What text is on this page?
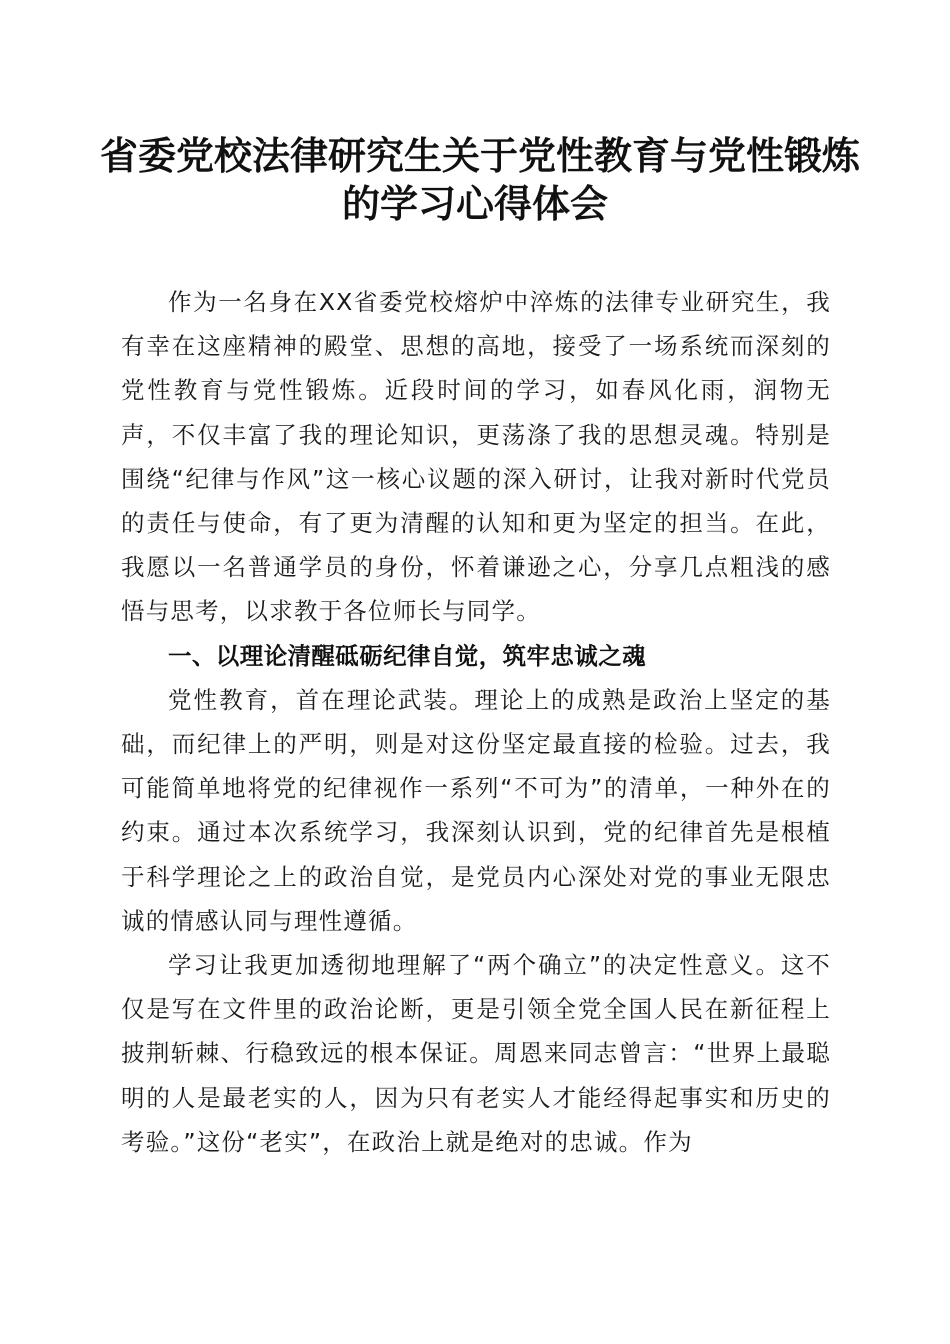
省委党校法律研究生关于党性教育与党性锻炼
的学习心得体会

作为一名身在XX省委党校熔炉中淬炼的法律专业研究生，我有幸在这座精神的殿堂、思想的高地，接受了一场系统而深刻的党性教育与党性锻炼。近段时间的学习，如春风化雨，润物无声，不仅丰富了我的理论知识，更荡涤了我的思想灵魂。特别是围绕“纪律与作风”这一核心议题的深入研讨，让我对新时代党员的责任与使命，有了更为清醒的认知和更为坚定的担当。在此，我愿以一名普通学员的身份，怀着谦逊之心，分享几点粗浅的感悟与思考，以求教于各位师长与同学。

一、以理论清醒砥砺纪律自觉，筑牢忠诚之魂

党性教育，首在理论武装。理论上的成熟是政治上坚定的基础，而纪律上的严明，则是对这份坚定最直接的检验。过去，我可能简单地将党的纪律视作一系列“不可为”的清单，一种外在的约束。通过本次系统学习，我深刻认识到，党的纪律首先是根植于科学理论之上的政治自觉，是党员内心深处对党的事业无限忠诚的情感认同与理性遵循。

学习让我更加透彻地理解了“两个确立”的决定性意义。这不仅是写在文件里的政治论断，更是引领全党全国人民在新征程上披荆斩棘、行稳致远的根本保证。周恩来同志曾言：“世界上最聪明的人是最老实的人，因为只有老实人才能经得起事实和历史的考验。”这份“老实”，在政治上就是绝对的忠诚。作为
